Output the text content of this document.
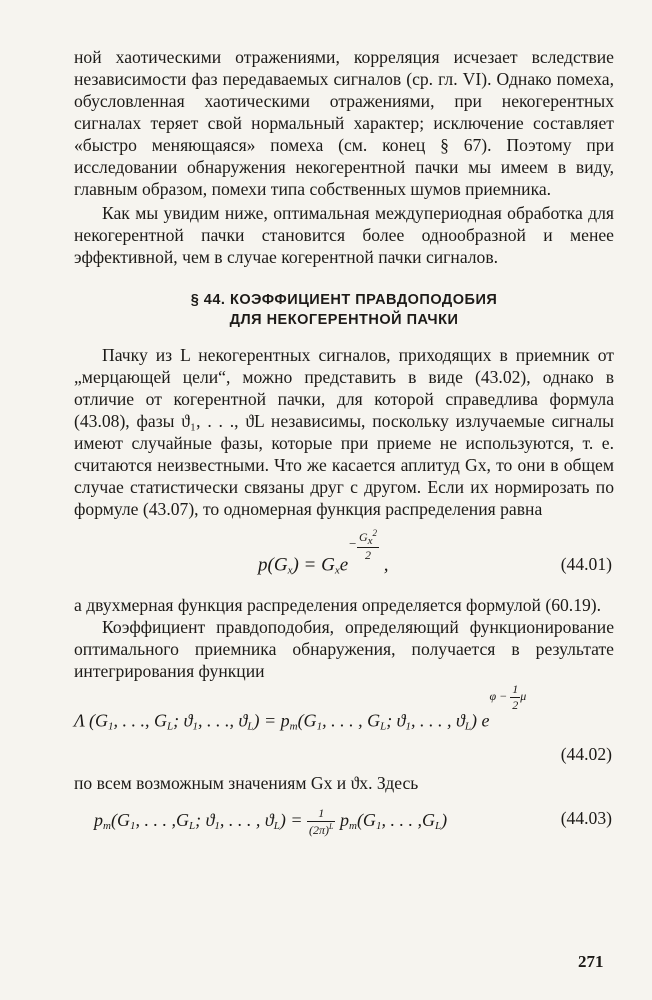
ной хаотическими отражениями, корреляция исчезает вследствие независимости фаз передаваемых сигналов (ср. гл. VI). Однако помеха, обусловленная хаотическими отражениями, при некогерентных сигналах теряет свой нормальный характер; исключение составляет «быстро меняющаяся» помеха (см. конец § 67). Поэтому при исследовании обнаружения некогерентной пачки мы имеем в виду, главным образом, помехи типа собственных шумов приемника.

Как мы увидим ниже, оптимальная междупериодная обработка для некогерентной пачки становится более однообразной и менее эффективной, чем в случае когерентной пачки сигналов.

§ 44. КОЭФФИЦИЕНТ ПРАВДОПОДОБИЯ
ДЛЯ НЕКОГЕРЕНТНОЙ ПАЧКИ

Пачку из L некогерентных сигналов, приходящих в приемник от „мерцающей цели“, можно представить в виде (43.02), однако в отличие от когерентной пачки, для которой справедлива формула (43.08), фазы ϑ₁, . . ., ϑL независимы, поскольку излучаемые сигналы имеют случайные фазы, которые при приеме не используются, т. е. считаются неизвестными. Что же касается аплитуд Gx, то они в общем случае статистически связаны друг с другом. Если их нормирозать по формуле (43.07), то одномерная функция распределения равна

$p(G_x) = G_xe^{- \frac{Gx^2}{2}}$
,	(44.01)

а двухмерная функция распределения определяется формулой (60.19).

Коэффициент правдоподобия, определяющий функционирование оптимального приемника обнаружения, получается в результате интегрирования функции

Λ ($G_1$, . . ., $G_L$; $ϑ_1$, . . ., $ϑ_L) = p_m(G_1$, . . . , $G_L$; $ϑ_1$, . . . , $ϑ_L$) $e^{\varphi - \frac{1}{2} \mu}$
(44.02)

по всем возможным значениям Gx и ϑx. Здесь

$p_m(G_1$, . . . $,G_L$; $ϑ_1$, . . . , $ϑ_L) = \frac{1}{(2\pi)^L} p_m(G_1$, . . . $,G_L$)	(44.03)
271
